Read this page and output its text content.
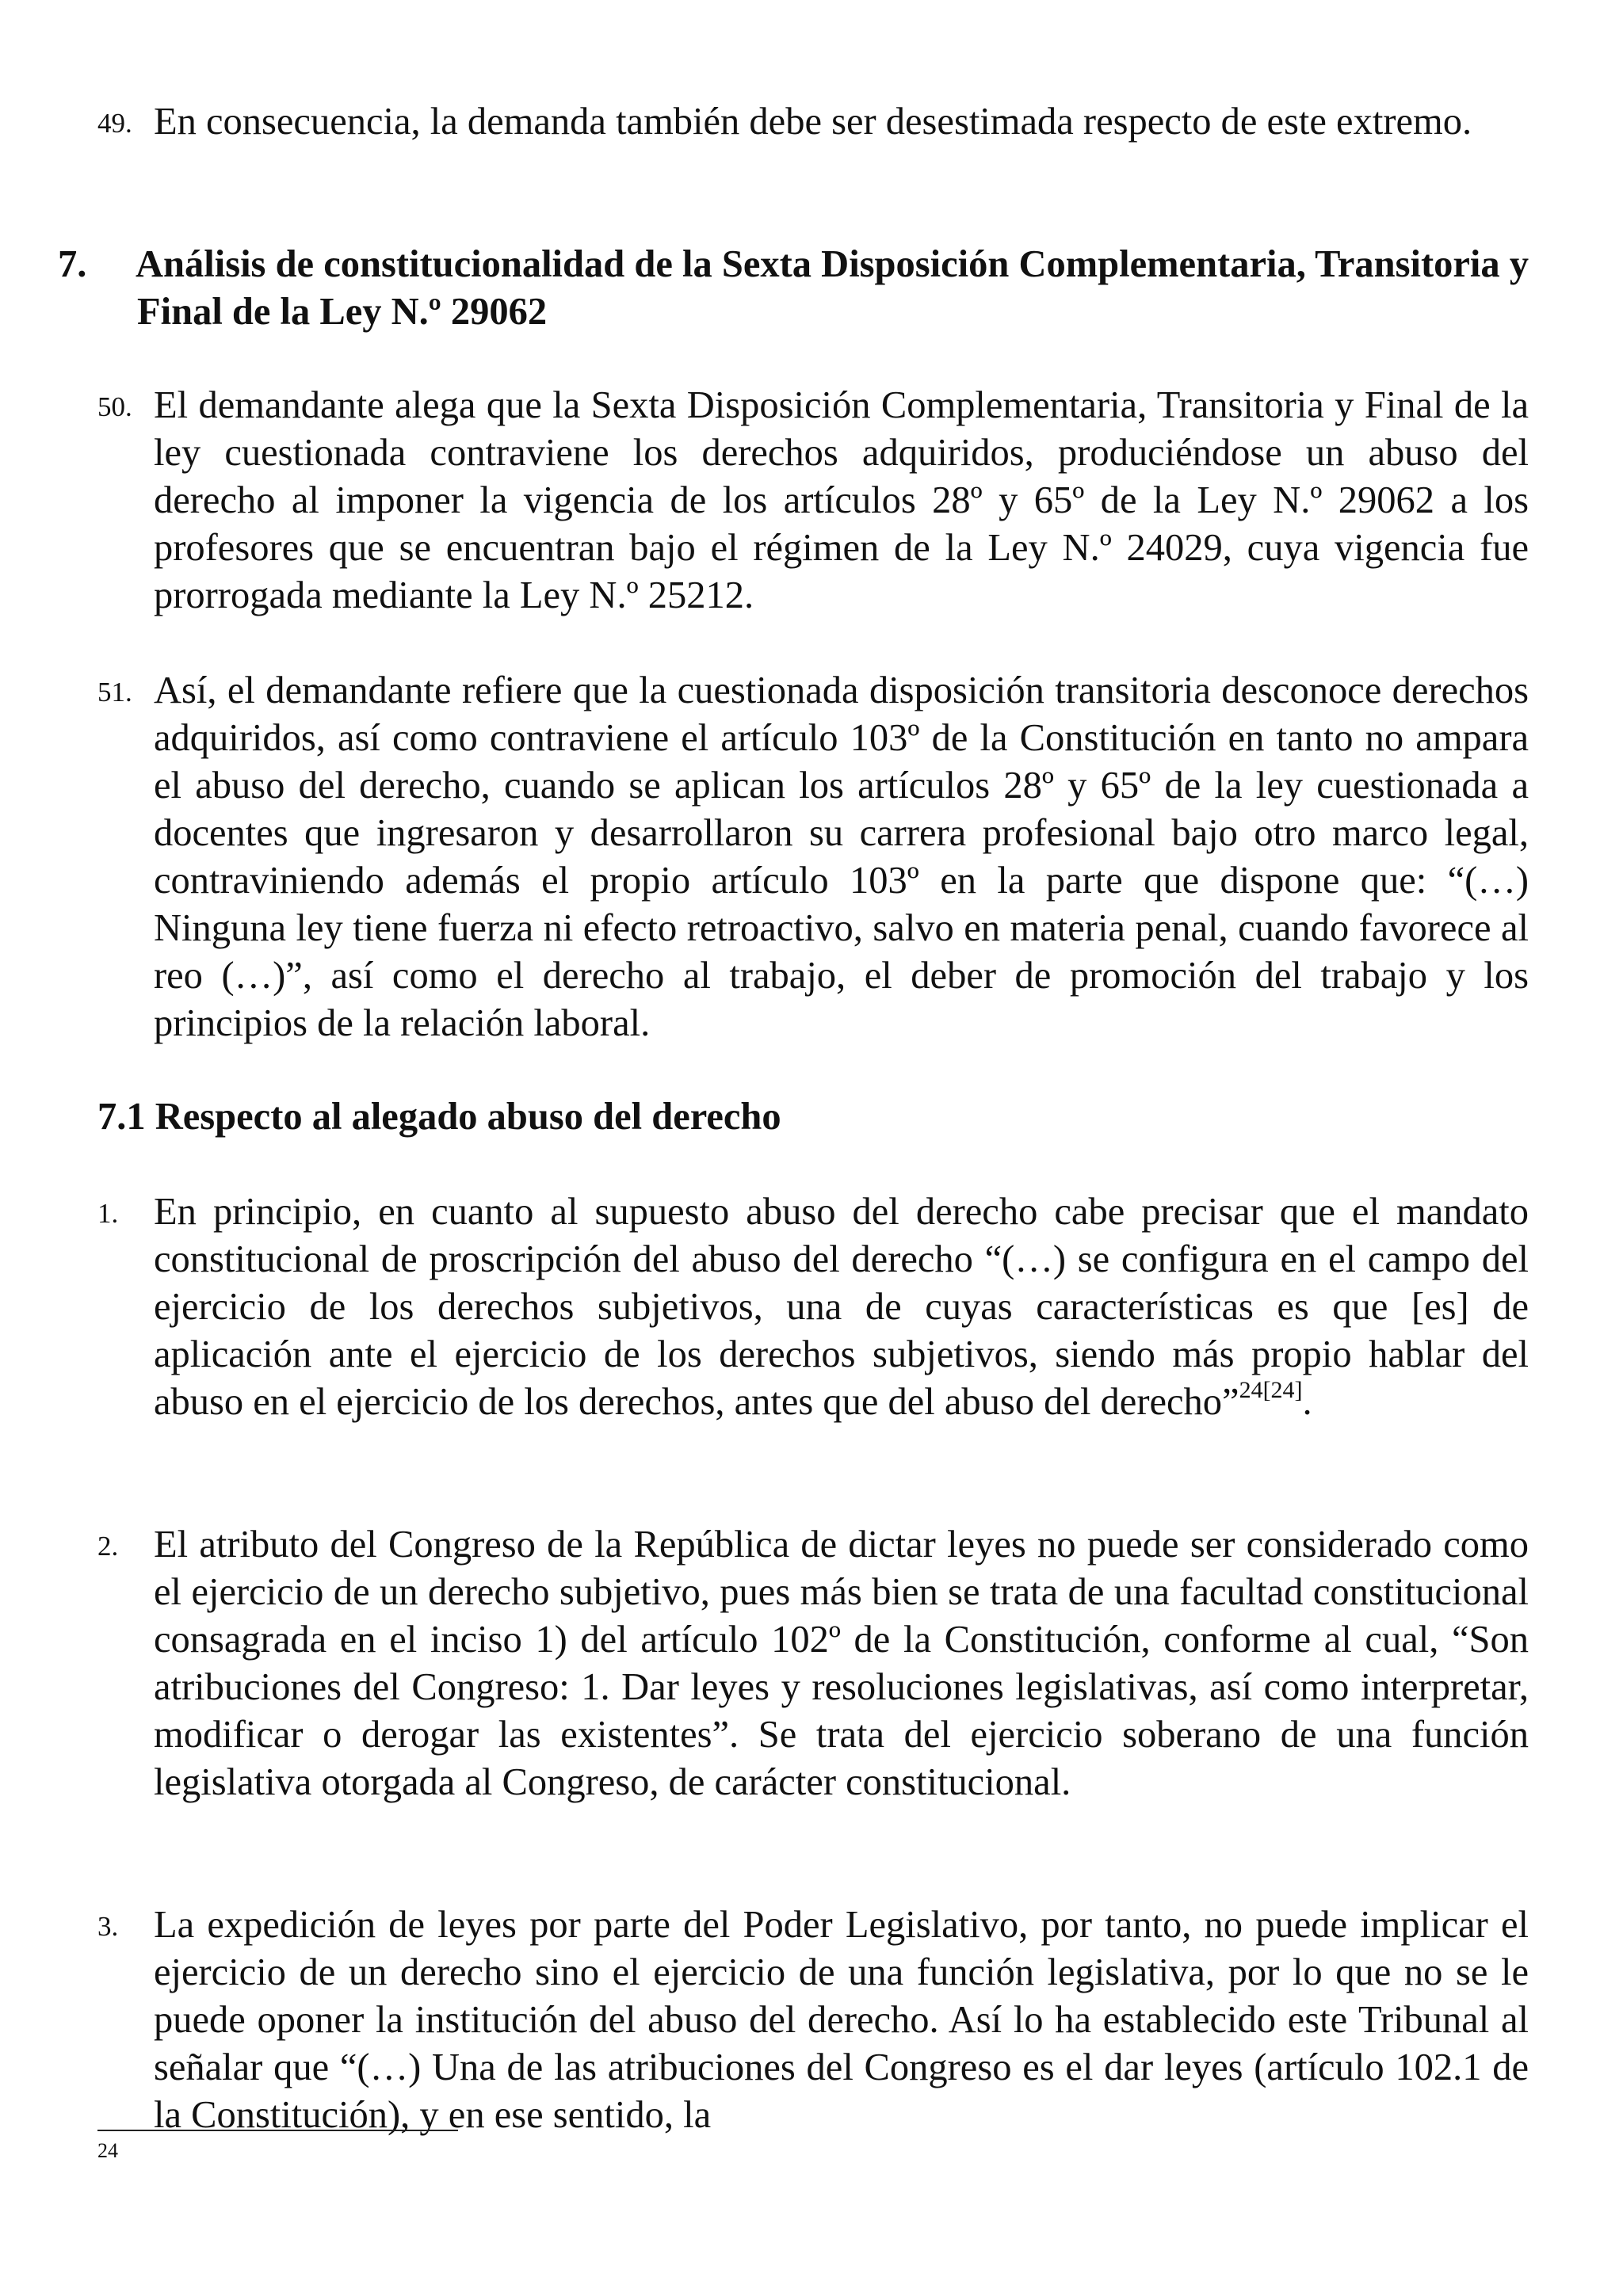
49. En consecuencia, la demanda también debe ser desestimada respecto de este extremo.
7. Análisis de constitucionalidad de la Sexta Disposición Complementaria, Transitoria y Final de la Ley N.º 29062
50. El demandante alega que la Sexta Disposición Complementaria, Transitoria y Final de la ley cuestionada contraviene los derechos adquiridos, produciéndose un abuso del derecho al imponer la vigencia de los artículos 28º y 65º de la Ley N.º 29062 a los profesores que se encuentran bajo el régimen de la Ley N.º 24029, cuya vigencia fue prorrogada mediante la Ley N.º 25212.
51. Así, el demandante refiere que la cuestionada disposición transitoria desconoce derechos adquiridos, así como contraviene el artículo 103º de la Constitución en tanto no ampara el abuso del derecho, cuando se aplican los artículos 28º y 65º de la ley cuestionada a docentes que ingresaron y desarrollaron su carrera profesional bajo otro marco legal, contraviniendo además el propio artículo 103º en la parte que dispone que: “(…) Ninguna ley tiene fuerza ni efecto retroactivo, salvo en materia penal, cuando favorece al reo (…)”, así como el derecho al trabajo, el deber de promoción del trabajo y los principios de la relación laboral.
7.1 Respecto al alegado abuso del derecho
1. En principio, en cuanto al supuesto abuso del derecho cabe precisar que el mandato constitucional de proscripción del abuso del derecho “(…) se configura en el campo del ejercicio de los derechos subjetivos, una de cuyas características es que [es] de aplicación ante el ejercicio de los derechos subjetivos, siendo más propio hablar del abuso en el ejercicio de los derechos, antes que del abuso del derecho”$^{24[24]}$.
2. El atributo del Congreso de la República de dictar leyes no puede ser considerado como el ejercicio de un derecho subjetivo, pues más bien se trata de una facultad constitucional consagrada en el inciso 1) del artículo 102º de la Constitución, conforme al cual, “Son atribuciones del Congreso: 1. Dar leyes y resoluciones legislativas, así como interpretar, modificar o derogar las existentes”. Se trata del ejercicio soberano de una función legislativa otorgada al Congreso, de carácter constitucional.
3. La expedición de leyes por parte del Poder Legislativo, por tanto, no puede implicar el ejercicio de un derecho sino el ejercicio de una función legislativa, por lo que no se le puede oponer la institución del abuso del derecho. Así lo ha establecido este Tribunal al señalar que “(…) Una de las atribuciones del Congreso es el dar leyes (artículo 102.1 de la Constitución), y en ese sentido, la
24
